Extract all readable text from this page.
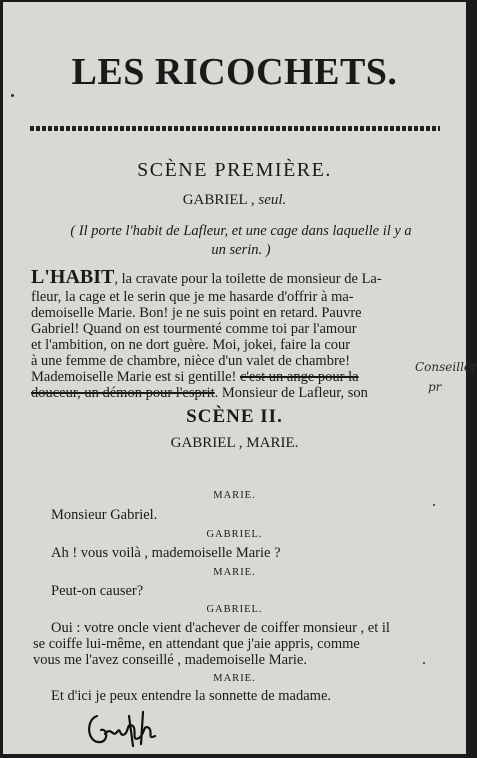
LES RICOCHETS.
SCÈNE PREMIÈRE.
GABRIEL , seul.
( Il porte l'habit de Lafleur, et une cage dans laquelle il y a
un serin. )
L'HABIT, la cravate pour la toilette de monsieur de La-
fleur, la cage et le serin que je me hasarde d'offrir à ma-
demoiselle Marie. Bon! je ne suis point en retard. Pauvre
Gabriel! Quand on est tourmenté comme toi par l'amour
et l'ambition, on ne dort guère. Moi, jokei, faire la cour
à une femme de chambre, nièce d'un valet de chambre!
Mademoiselle Marie est si gentille! c'est un ange pour la
douceur, un démon pour l'esprit. Monsieur de Lafleur, son
SCÈNE II.
GABRIEL , MARIE.
MARIE.
Monsieur Gabriel.
GABRIEL.
Ah ! vous voilà , mademoiselle Marie ?
MARIE.
Peut-on causer?
GABRIEL.
Oui : votre oncle vient d'achever de coiffer monsieur , et il
se coiffe lui-même, en attendant que j'aie appris, comme
vous me l'avez conseillé , mademoiselle Marie.
MARIE.
Et d'ici je peux entendre la sonnette de madame.
Conseiller
pr
